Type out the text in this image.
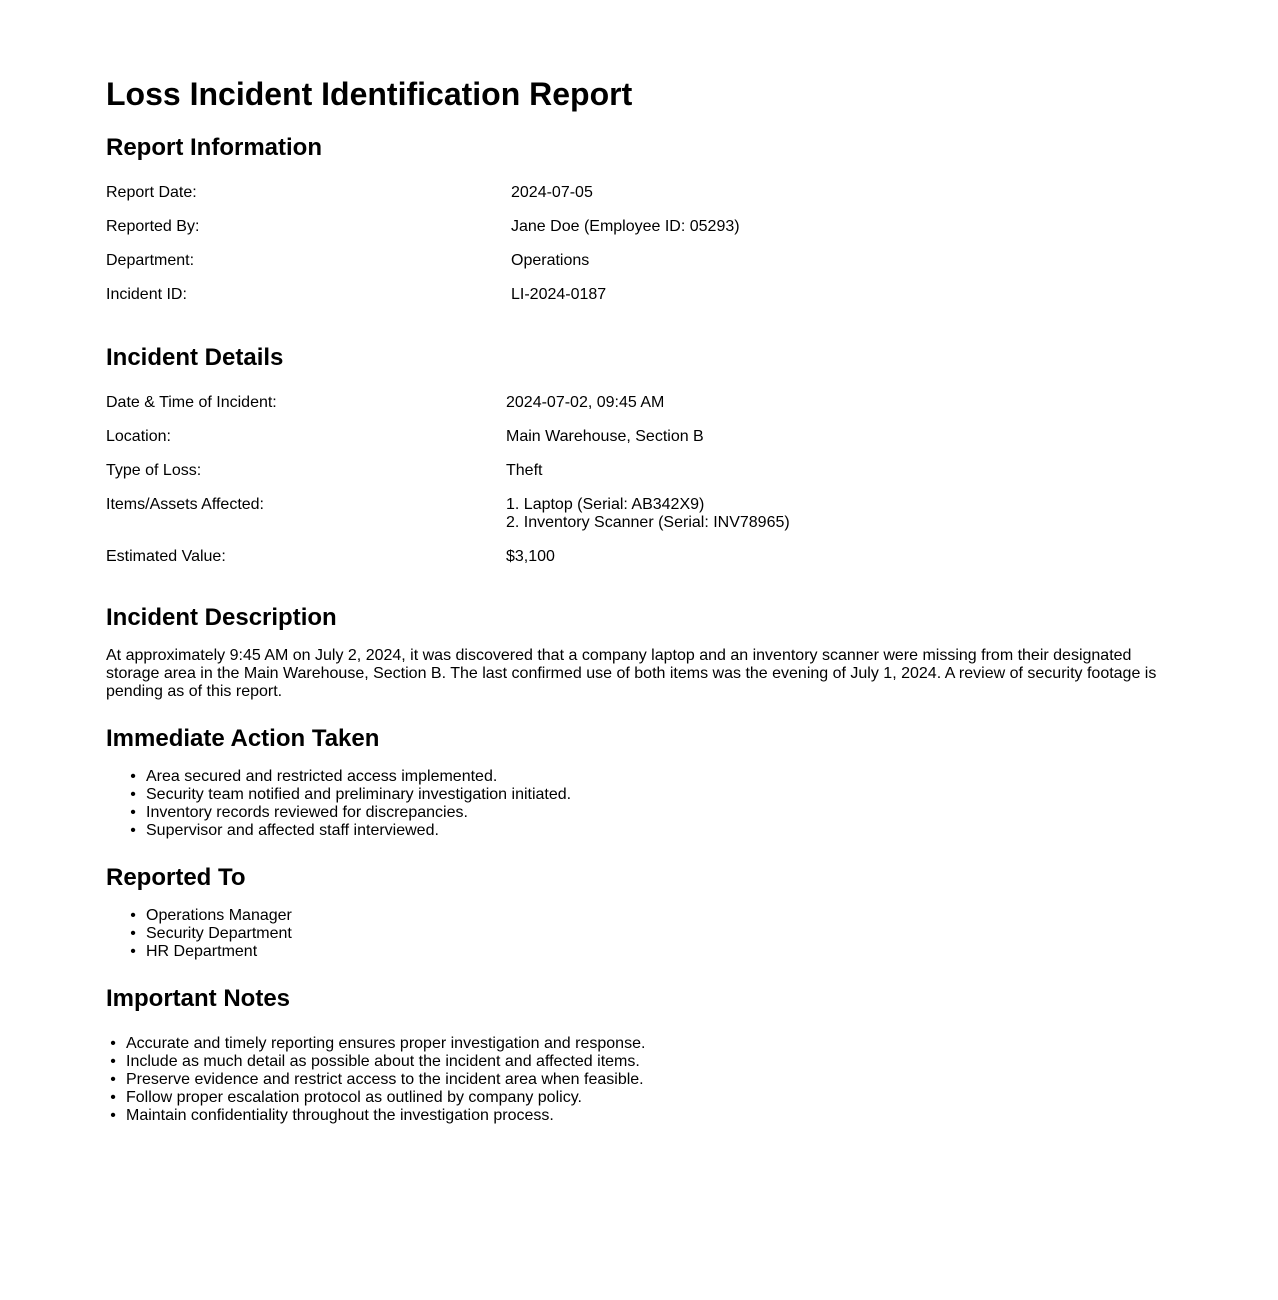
Loss Incident Identification Report
Report Information
Report Date:	2024-07-05
Reported By:	Jane Doe (Employee ID: 05293)
Department:	Operations
Incident ID:	LI-2024-0187
Incident Details
Date & Time of Incident:	2024-07-02, 09:45 AM
Location:	Main Warehouse, Section B
Type of Loss:	Theft
Items/Assets Affected:	1. Laptop (Serial: AB342X9)
2. Inventory Scanner (Serial: INV78965)

Estimated Value:	$3,100
Incident Description

At approximately 9:45 AM on July 2, 2024, it was discovered that a company laptop and an inventory scanner were missing from their designated storage area in the Main Warehouse, Section B. The last confirmed use of both items was the evening of July 1, 2024. A review of security footage is pending as of this report.

Immediate Action Taken
• Area secured and restricted access implemented.
• Security team notified and preliminary investigation initiated.
• Inventory records reviewed for discrepancies.
• Supervisor and affected staff interviewed.
Reported To
• Operations Manager
• Security Department
• HR Department
Important Notes
• Accurate and timely reporting ensures proper investigation and response.
• Include as much detail as possible about the incident and affected items.
• Preserve evidence and restrict access to the incident area when feasible.
• Follow proper escalation protocol as outlined by company policy.
• Maintain confidentiality throughout the investigation process.
